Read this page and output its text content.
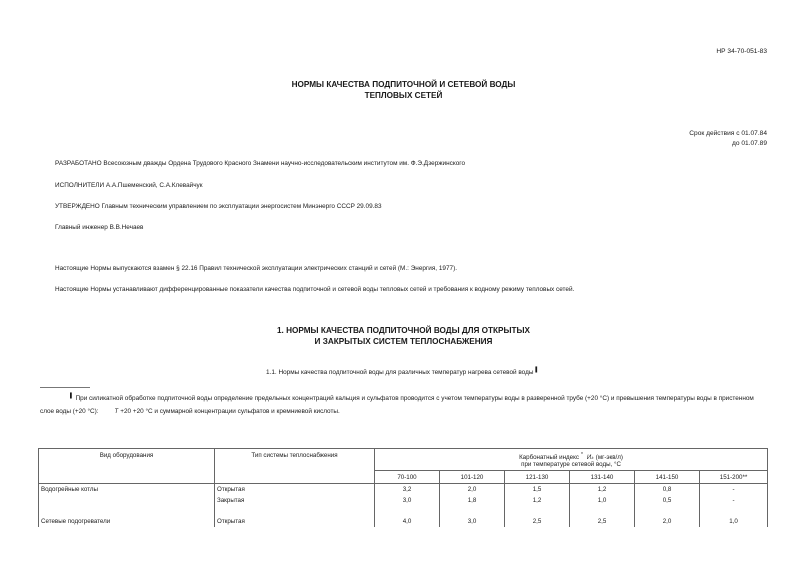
НР 34-70-051-83
НОРМЫ КАЧЕСТВА ПОДПИТОЧНОЙ И СЕТЕВОЙ ВОДЫ
ТЕПЛОВЫХ СЕТЕЙ
Срок действия с 01.07.84
до 01.07.89
РАЗРАБОТАНО Всесоюзным дважды Ордена Трудового Красного Знамени научно-исследовательским институтом им. Ф.Э.Дзержинского
ИСПОЛНИТЕЛИ А.А.Пшеменский, С.А.Клевайчук
УТВЕРЖДЕНО Главным техническим управлением по эксплуатации энергосистем Минэнерго СССР 29.09.83
Главный инженер В.В.Нечаев
Настоящие Нормы выпускаются взамен § 22.16 Правил технической эксплуатации электрических станций и сетей (М.: Энергия, 1977).
Настоящие Нормы устанавливают дифференцированные показатели качества подпиточной и сетевой воды тепловых сетей и требования к водному режиму тепловых сетей.
1. НОРМЫ КАЧЕСТВА ПОДПИТОЧНОЙ ВОДЫ ДЛЯ ОТКРЫТЫХ
И ЗАКРЫТЫХ СИСТЕМ ТЕПЛОСНАБЖЕНИЯ
1.1. Нормы качества подпиточной воды для различных температур нагрева сетевой воды ▌
▌ При силикатной обработке подпиточной воды определение предельных концентраций кальция и сульфатов проводится с учетом температуры воды в разверенной трубе (+20 °С) и превышения температуры воды в пристенном слое воды (+20 °С):	Т +20 +20 °С и суммарной концентрации сульфатов и кремниевой кислоты.
Вид оборудования	Тип системы теплоснабжения	Карбонатный индекс *Иₖ (мг-экв/л)					
		при температуре сетевой воды, °С					
		70-100	101-120	121-130	131-140	141-150	151-200**
Водогрейные котлы	Открытая	3,2	2,0	1,5	1,2	0,8	-
	Закрытая	3,0	1,8	1,2	1,0	0,5	-

Сетевые подогреватели	Открытая	4,0	3,0	2,5	2,5	2,0	1,0
